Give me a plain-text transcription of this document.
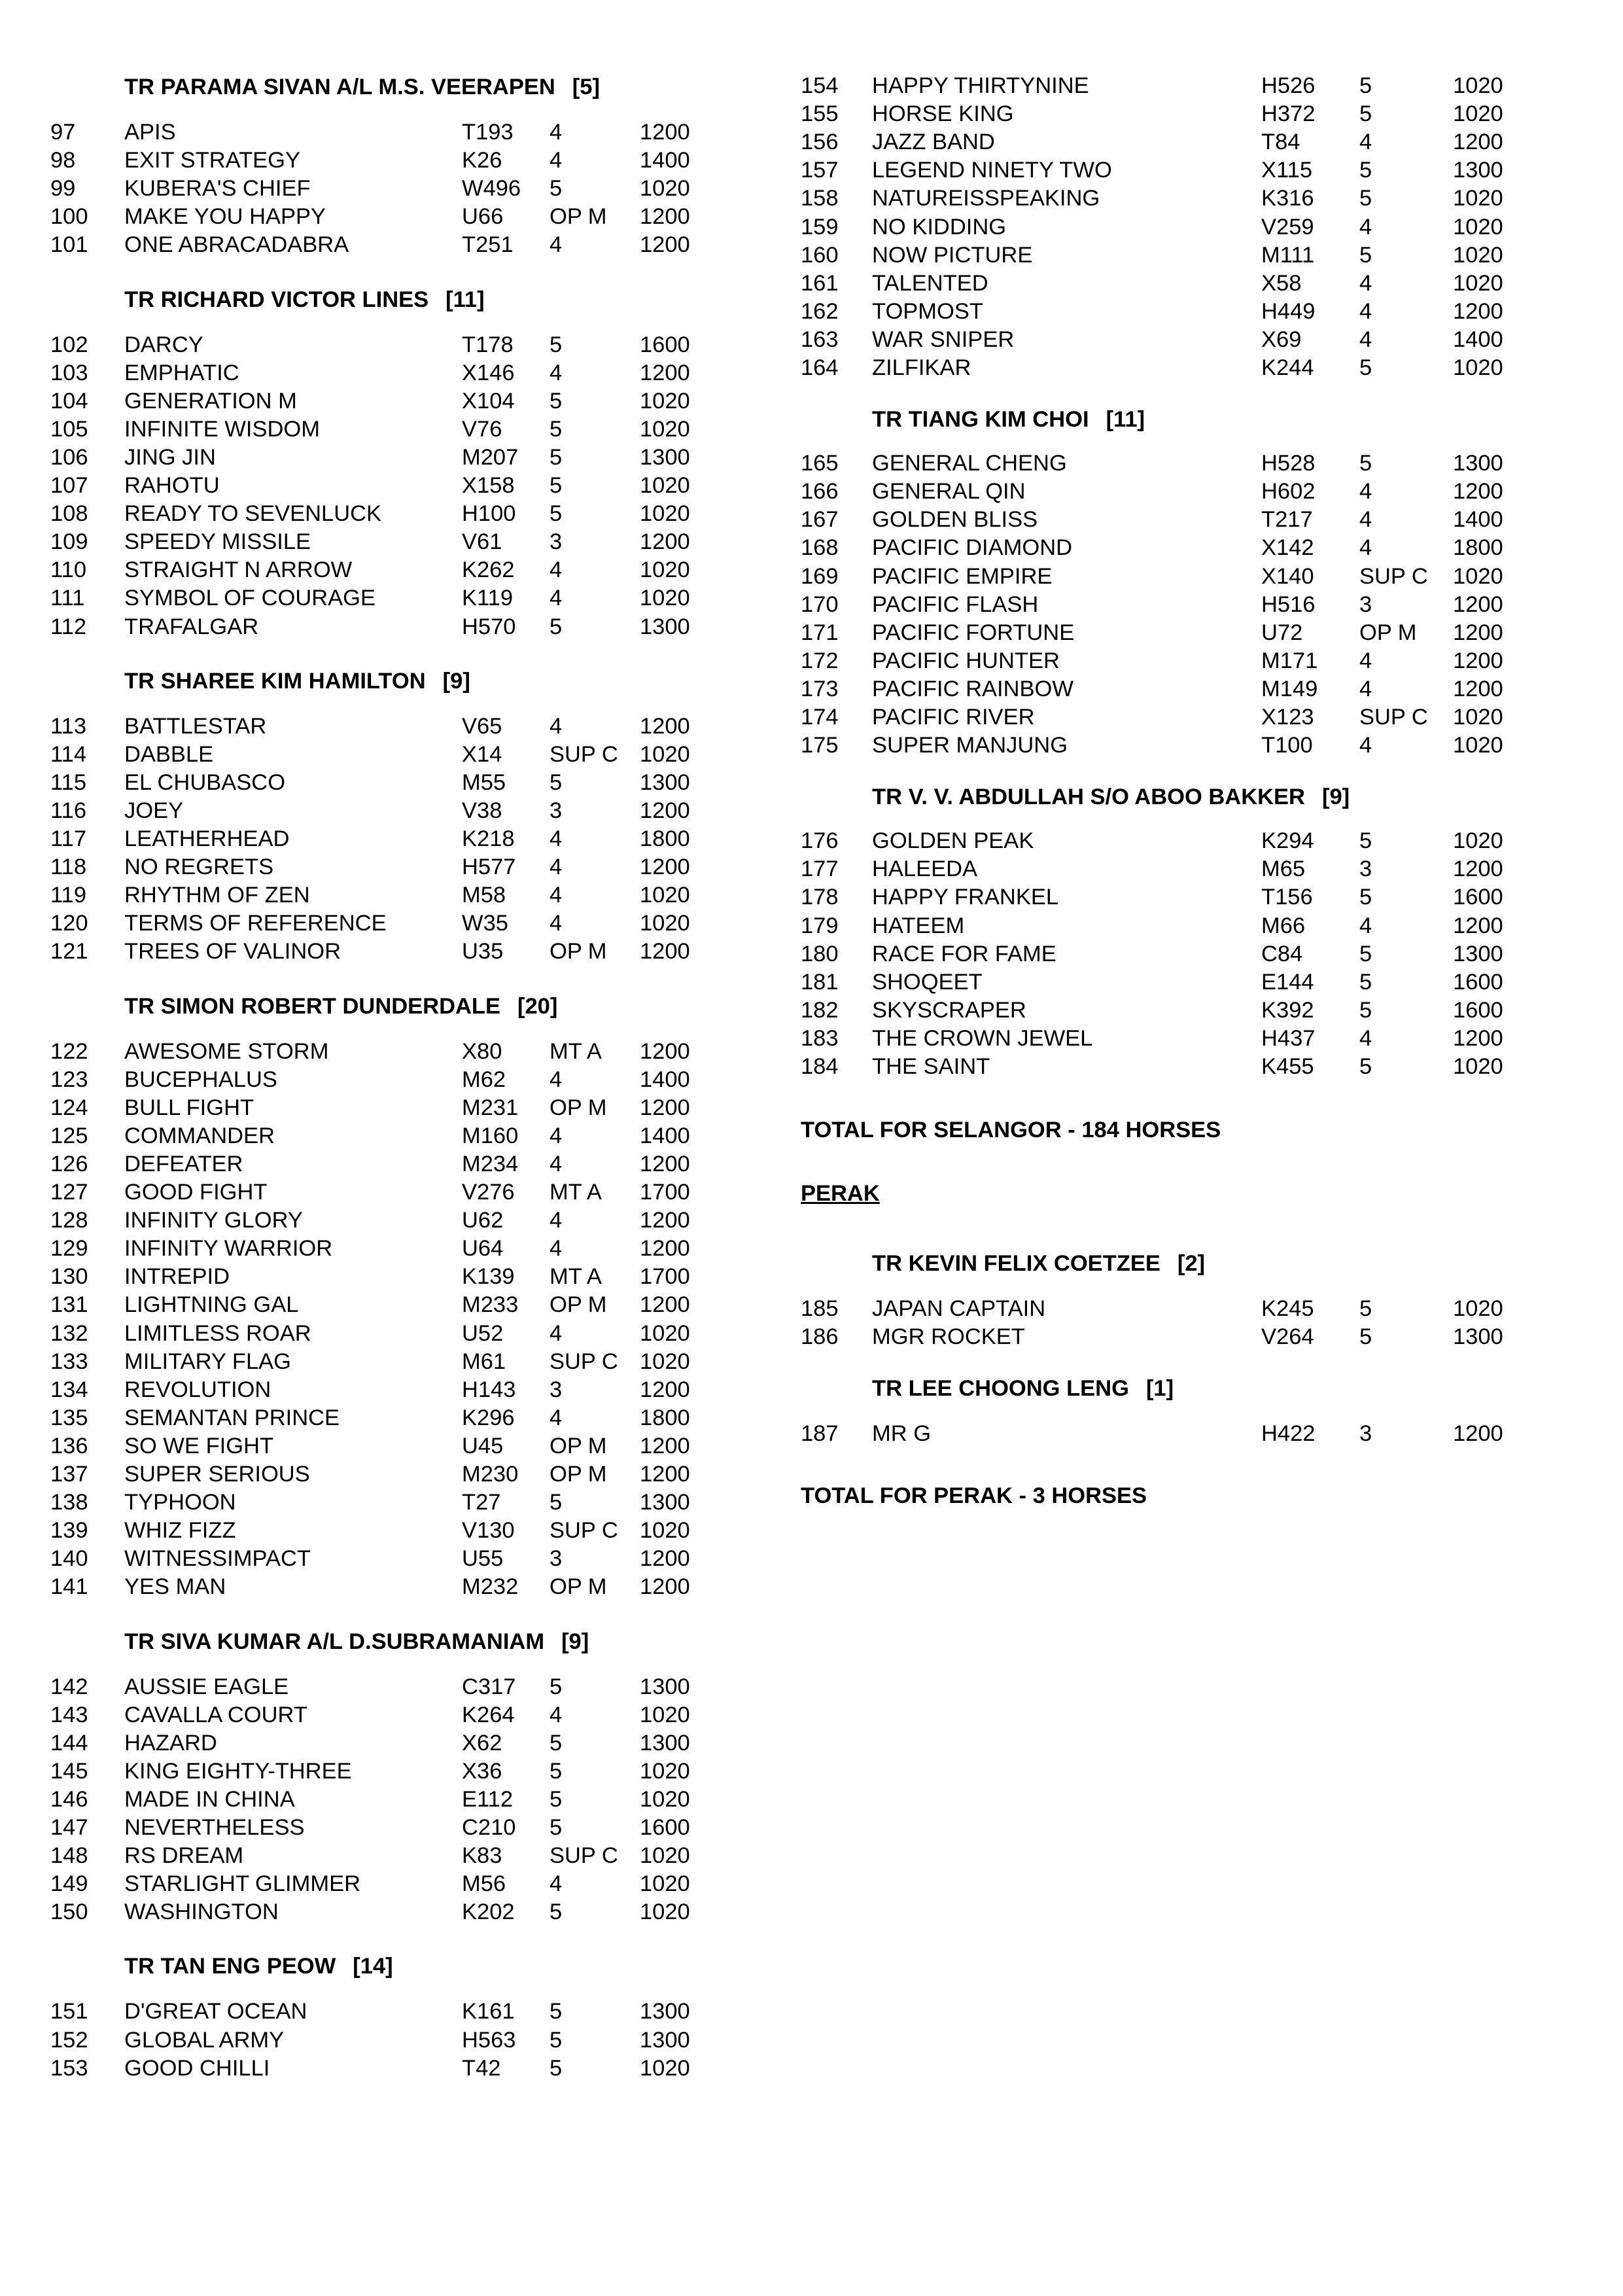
TR PARAMA SIVAN A/L M.S. VEERAPEN [5]
97 APIS	T193 4	1200
98 EXIT STRATEGY	K26 4	1400
99 KUBERA'S CHIEF	W496 5	1020
100 MAKE YOU HAPPY	U66 OP M 1200
101 ONE ABRACADABRA	T251 4	1200
TR RICHARD VICTOR LINES [11]
102 DARCY	T178 5	1600
103 EMPHATIC	X146 4	1200
104 GENERATION M	X104 5	1020
105 INFINITE WISDOM	V76 5	1020
106 JING JIN	M207 5	1300
107 RAHOTU	X158 5	1020
108 READY TO SEVENLUCK	H100 5	1020
109 SPEEDY MISSILE	V61 3	1200
110 STRAIGHT N ARROW	K262 4	1020
111 SYMBOL OF COURAGE	K119 4	1020
112 TRAFALGAR	H570 5	1300
TR SHAREE KIM HAMILTON [9]
113 BATTLESTAR	V65 4	1200
114 DABBLE	X14 SUP C 1020
115 EL CHUBASCO	M55 5	1300
116 JOEY	V38 3	1200
117 LEATHERHEAD	K218 4	1800
118 NO REGRETS	H577 4	1200
119 RHYTHM OF ZEN	M58 4	1020
120 TERMS OF REFERENCE	W35 4	1020
121 TREES OF VALINOR	U35 OP M 1200
TR SIMON ROBERT DUNDERDALE [20]
122 AWESOME STORM	X80 MT A 1200
123 BUCEPHALUS	M62 4	1400
124 BULL FIGHT	M231 OP M 1200
125 COMMANDER	M160 4	1400
126 DEFEATER	M234 4	1200
127 GOOD FIGHT	V276 MT A 1700
128 INFINITY GLORY	U62 4	1200
129 INFINITY WARRIOR	U64 4	1200
130 INTREPID	K139 MT A 1700
131 LIGHTNING GAL	M233 OP M 1200
132 LIMITLESS ROAR	U52 4	1020
133 MILITARY FLAG	M61 SUP C 1020
134 REVOLUTION	H143 3	1200
135 SEMANTAN PRINCE	K296 4	1800
136 SO WE FIGHT	U45 OP M 1200
137 SUPER SERIOUS	M230 OP M 1200
138 TYPHOON	T27 5	1300
139 WHIZ FIZZ	V130 SUP C 1020
140 WITNESSIMPACT	U55 3	1200
141 YES MAN	M232 OP M 1200
TR SIVA KUMAR A/L D.SUBRAMANIAM [9]
142 AUSSIE EAGLE	C317 5	1300
143 CAVALLA COURT	K264 4	1020
144 HAZARD	X62 5	1300
145 KING EIGHTY-THREE	X36 5	1020
146 MADE IN CHINA	E112 5	1020
147 NEVERTHELESS	C210 5	1600
148 RS DREAM	K83 SUP C 1020
149 STARLIGHT GLIMMER	M56 4	1020
150 WASHINGTON	K202 5	1020
TR TAN ENG PEOW [14]
151 D'GREAT OCEAN	K161 5	1300
152 GLOBAL ARMY	H563 5	1300
153 GOOD CHILLI	T42 5	1020
154 HAPPY THIRTYNINE	H526 5	1020
155 HORSE KING	H372 5	1020
156 JAZZ BAND	T84	4	1200
157 LEGEND NINETY TWO	X115 5	1300
158 NATUREISSPEAKING	K316 5	1020
159 NO KIDDING	V259 4	1020
160 NOW PICTURE	M111 5	1020
161 TALENTED	X58	4	1020
162 TOPMOST	H449 4	1200
163 WAR SNIPER	X69	4	1400
164 ZILFIKAR	K244 5	1020
TR TIANG KIM CHOI [11]
165 GENERAL CHENG	H528 5	1300
166 GENERAL QIN	H602 4	1200
167 GOLDEN BLISS	T217 4	1400
168 PACIFIC DIAMOND	X142 4	1800
169 PACIFIC EMPIRE	X140 SUP C 1020
170 PACIFIC FLASH	H516 3	1200
171 PACIFIC FORTUNE	U72	OP M 1200
172 PACIFIC HUNTER	M171 4	1200
173 PACIFIC RAINBOW	M149 4	1200
174 PACIFIC RIVER	X123 SUP C 1020
175 SUPER MANJUNG	T100 4	1020
TR V. V. ABDULLAH S/O ABOO BAKKER [9]
176 GOLDEN PEAK	K294 5	1020
177 HALEEDA	M65 3	1200
178 HAPPY FRANKEL	T156 5	1600
179 HATEEM	M66 4	1200
180 RACE FOR FAME	C84	5	1300
181 SHOQEET	E144 5	1600
182 SKYSCRAPER	K392 5	1600
183 THE CROWN JEWEL	H437 4	1200
184 THE SAINT	K455 5	1020
TOTAL FOR SELANGOR - 184 HORSES
PERAK
TR KEVIN FELIX COETZEE [2]
185 JAPAN CAPTAIN	K245 5	1020
186 MGR ROCKET	V264 5	1300
TR LEE CHOONG LENG [1]
187 MR G	H422 3	1200
TOTAL FOR PERAK - 3 HORSES
